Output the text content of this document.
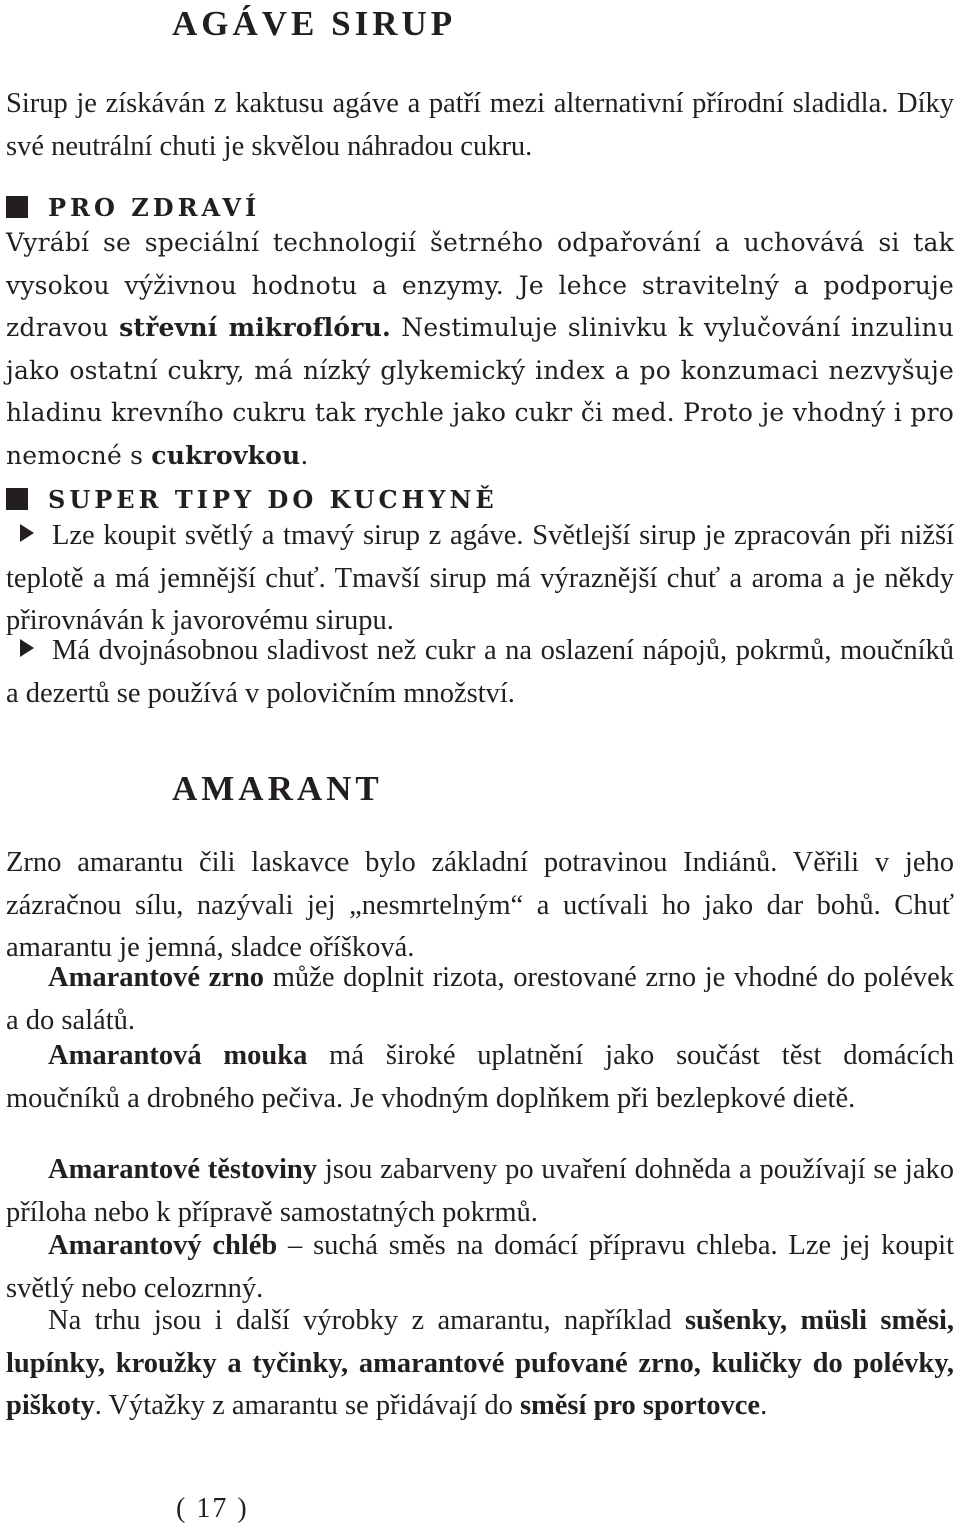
AGÁVE SIRUP

Sirup je získáván z kaktusu agáve a patří mezi alternativní přírodní sladidla. Díky své neutrální chuti je skvělou náhradou cukru.

PRO ZDRAVÍ

Vyrábí se speciální technologií šetrného odpařování a uchovává si tak vysokou výživnou hodnotu a enzymy. Je lehce stravitelný a podporuje zdravou střevní mikroflóru. Nestimuluje slinivku k vylučování inzulinu jako ostatní cukry, má nízký glykemický index a po konzumaci nezvyšuje hladinu krevního cukru tak rychle jako cukr či med. Proto je vhodný i pro nemocné s cukrovkou.

SUPER TIPY DO KUCHYNĚ

Lze koupit světlý a tmavý sirup z agáve. Světlejší sirup je zpracován při nižší teplotě a má jemnější chuť. Tmavší sirup má výraznější chuť a aroma a je někdy přirovnáván k javorovému sirupu.

Má dvojnásobnou sladivost než cukr a na oslazení nápojů, pokrmů, moučníků a dezertů se používá v polovičním množství.

AMARANT

Zrno amarantu čili laskavce bylo základní potravinou Indiánů. Věřili v jeho zázračnou sílu, nazývali jej „nesmrtelným“ a uctívali ho jako dar bohů. Chuť amarantu je jemná, sladce oříšková.

Amarantové zrno může doplnit rizota, orestované zrno je vhodné do polévek a do salátů.

Amarantová mouka má široké uplatnění jako součást těst domácích moučníků a drobného pečiva. Je vhodným doplňkem při bezlepkové dietě.

Amarantové těstoviny jsou zabarveny po uvaření dohněda a používají se jako příloha nebo k přípravě samostatných pokrmů.

Amarantový chléb – suchá směs na domácí přípravu chleba. Lze jej koupit světlý nebo celozrnný.

Na trhu jsou i další výrobky z amarantu, například sušenky, müsli směsi, lupínky, kroužky a tyčinky, amarantové pufované zrno, kuličky do polévky, piškoty. Výtažky z amarantu se přidávají do směsí pro sportovce.

( 17 )
